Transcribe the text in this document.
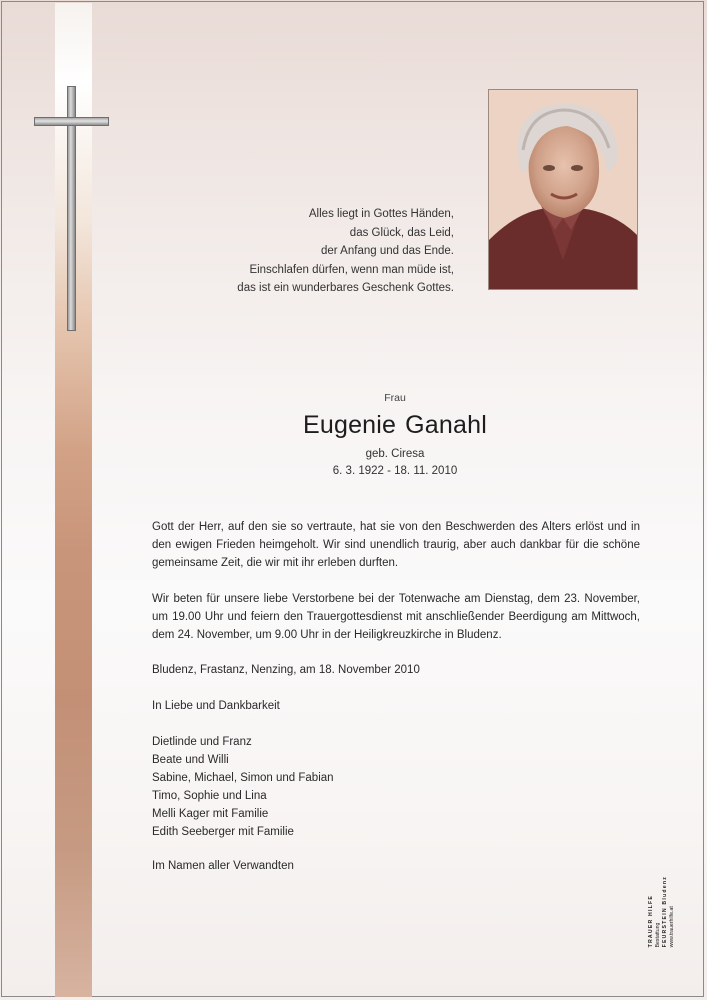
Alles liegt in Gottes Händen,
das Glück, das Leid,
der Anfang und das Ende.
Einschlafen dürfen, wenn man müde ist,
das ist ein wunderbares Geschenk Gottes.
Frau
Eugenie Ganahl
geb. Ciresa
6. 3. 1922 - 18. 11. 2010
Gott der Herr, auf den sie so vertraute, hat sie von den Beschwerden des Alters erlöst und in den ewigen Frieden heimgeholt. Wir sind unendlich traurig, aber auch dankbar für die schöne gemeinsame Zeit, die wir mit ihr erleben durften.
Wir beten für unsere liebe Verstorbene bei der Totenwache am Dienstag, dem 23. November, um 19.00 Uhr und feiern den Trauergottesdienst mit anschließender Beerdigung am Mittwoch, dem 24. November, um 9.00 Uhr in der Heiligkreuzkirche in Bludenz.
Bludenz, Frastanz, Nenzing, am 18. November 2010
In Liebe und Dankbarkeit
Dietlinde und Franz
Beate und Willi
Sabine, Michael, Simon und Fabian
Timo, Sophie und Lina
Melli Kager mit Familie
Edith Seeberger mit Familie
Im Namen aller Verwandten
TRAUER HILFE Bestattung FEURSTEIN Bludenz www.trauerhilfe.at
